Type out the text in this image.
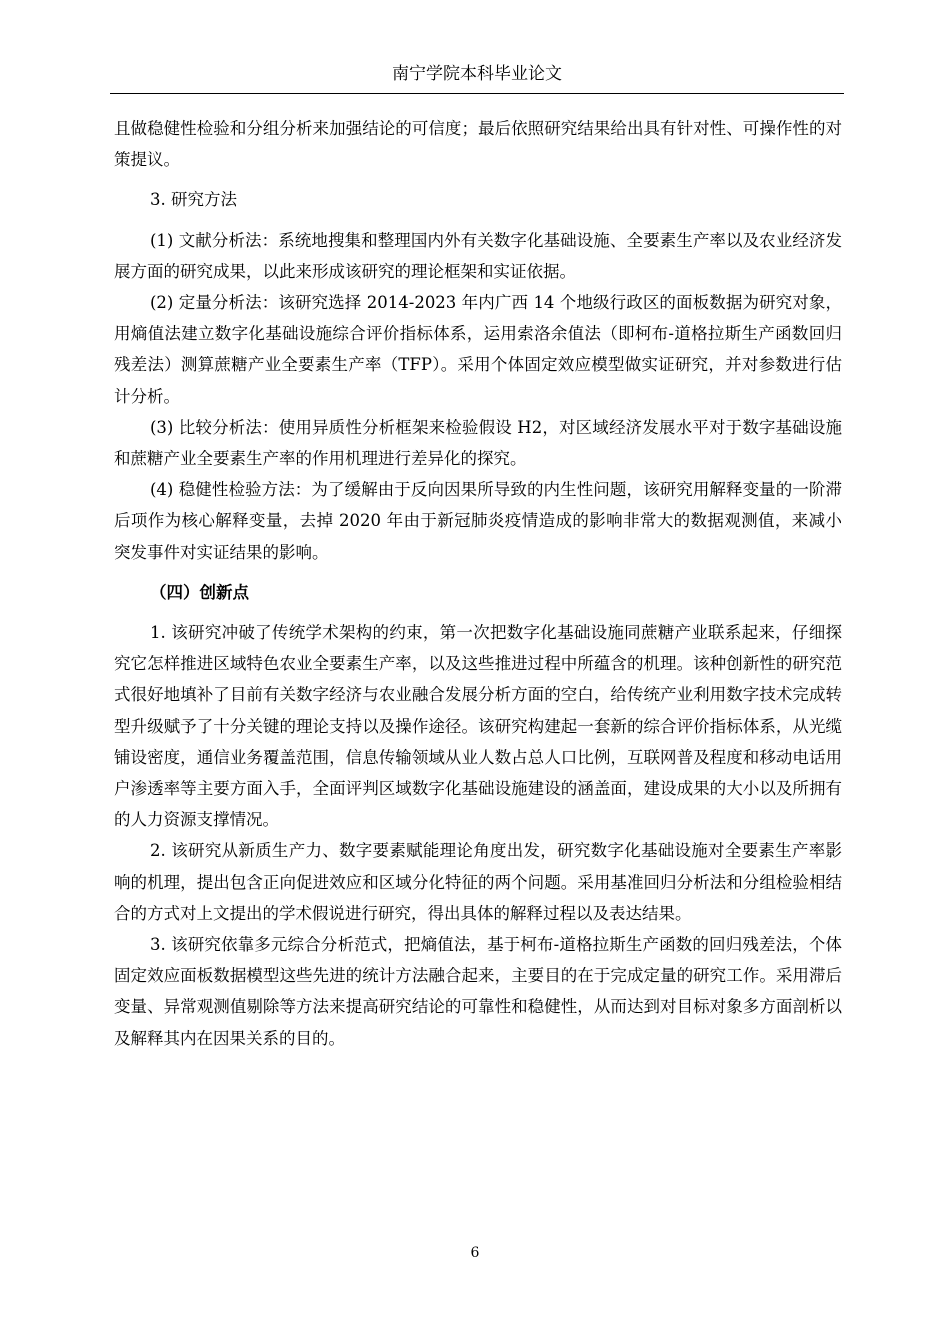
南宁学院本科毕业论文

且做稳健性检验和分组分析来加强结论的可信度；最后依照研究结果给出具有针对性、可操作性的对策提议。

3. 研究方法

(1) 文献分析法：系统地搜集和整理国内外有关数字化基础设施、全要素生产率以及农业经济发展方面的研究成果，以此来形成该研究的理论框架和实证依据。

(2) 定量分析法：该研究选择 2014-2023 年内广西 14 个地级行政区的面板数据为研究对象，用熵值法建立数字化基础设施综合评价指标体系，运用索洛余值法（即柯布-道格拉斯生产函数回归残差法）测算蔗糖产业全要素生产率（TFP）。采用个体固定效应模型做实证研究，并对参数进行估计分析。

(3) 比较分析法：使用异质性分析框架来检验假设 H2，对区域经济发展水平对于数字基础设施和蔗糖产业全要素生产率的作用机理进行差异化的探究。

(4) 稳健性检验方法：为了缓解由于反向因果所导致的内生性问题，该研究用解释变量的一阶滞后项作为核心解释变量，去掉 2020 年由于新冠肺炎疫情造成的影响非常大的数据观测值，来减小突发事件对实证结果的影响。

（四）创新点

1. 该研究冲破了传统学术架构的约束，第一次把数字化基础设施同蔗糖产业联系起来，仔细探究它怎样推进区域特色农业全要素生产率，以及这些推进过程中所蕴含的机理。该种创新性的研究范式很好地填补了目前有关数字经济与农业融合发展分析方面的空白，给传统产业利用数字技术完成转型升级赋予了十分关键的理论支持以及操作途径。该研究构建起一套新的综合评价指标体系，从光缆铺设密度，通信业务覆盖范围，信息传输领域从业人数占总人口比例，互联网普及程度和移动电话用户渗透率等主要方面入手，全面评判区域数字化基础设施建设的涵盖面，建设成果的大小以及所拥有的人力资源支撑情况。

2. 该研究从新质生产力、数字要素赋能理论角度出发，研究数字化基础设施对全要素生产率影响的机理，提出包含正向促进效应和区域分化特征的两个问题。采用基准回归分析法和分组检验相结合的方式对上文提出的学术假说进行研究，得出具体的解释过程以及表达结果。

3. 该研究依靠多元综合分析范式，把熵值法，基于柯布-道格拉斯生产函数的回归残差法，个体固定效应面板数据模型这些先进的统计方法融合起来，主要目的在于完成定量的研究工作。采用滞后变量、异常观测值剔除等方法来提高研究结论的可靠性和稳健性，从而达到对目标对象多方面剖析以及解释其内在因果关系的目的。

6
